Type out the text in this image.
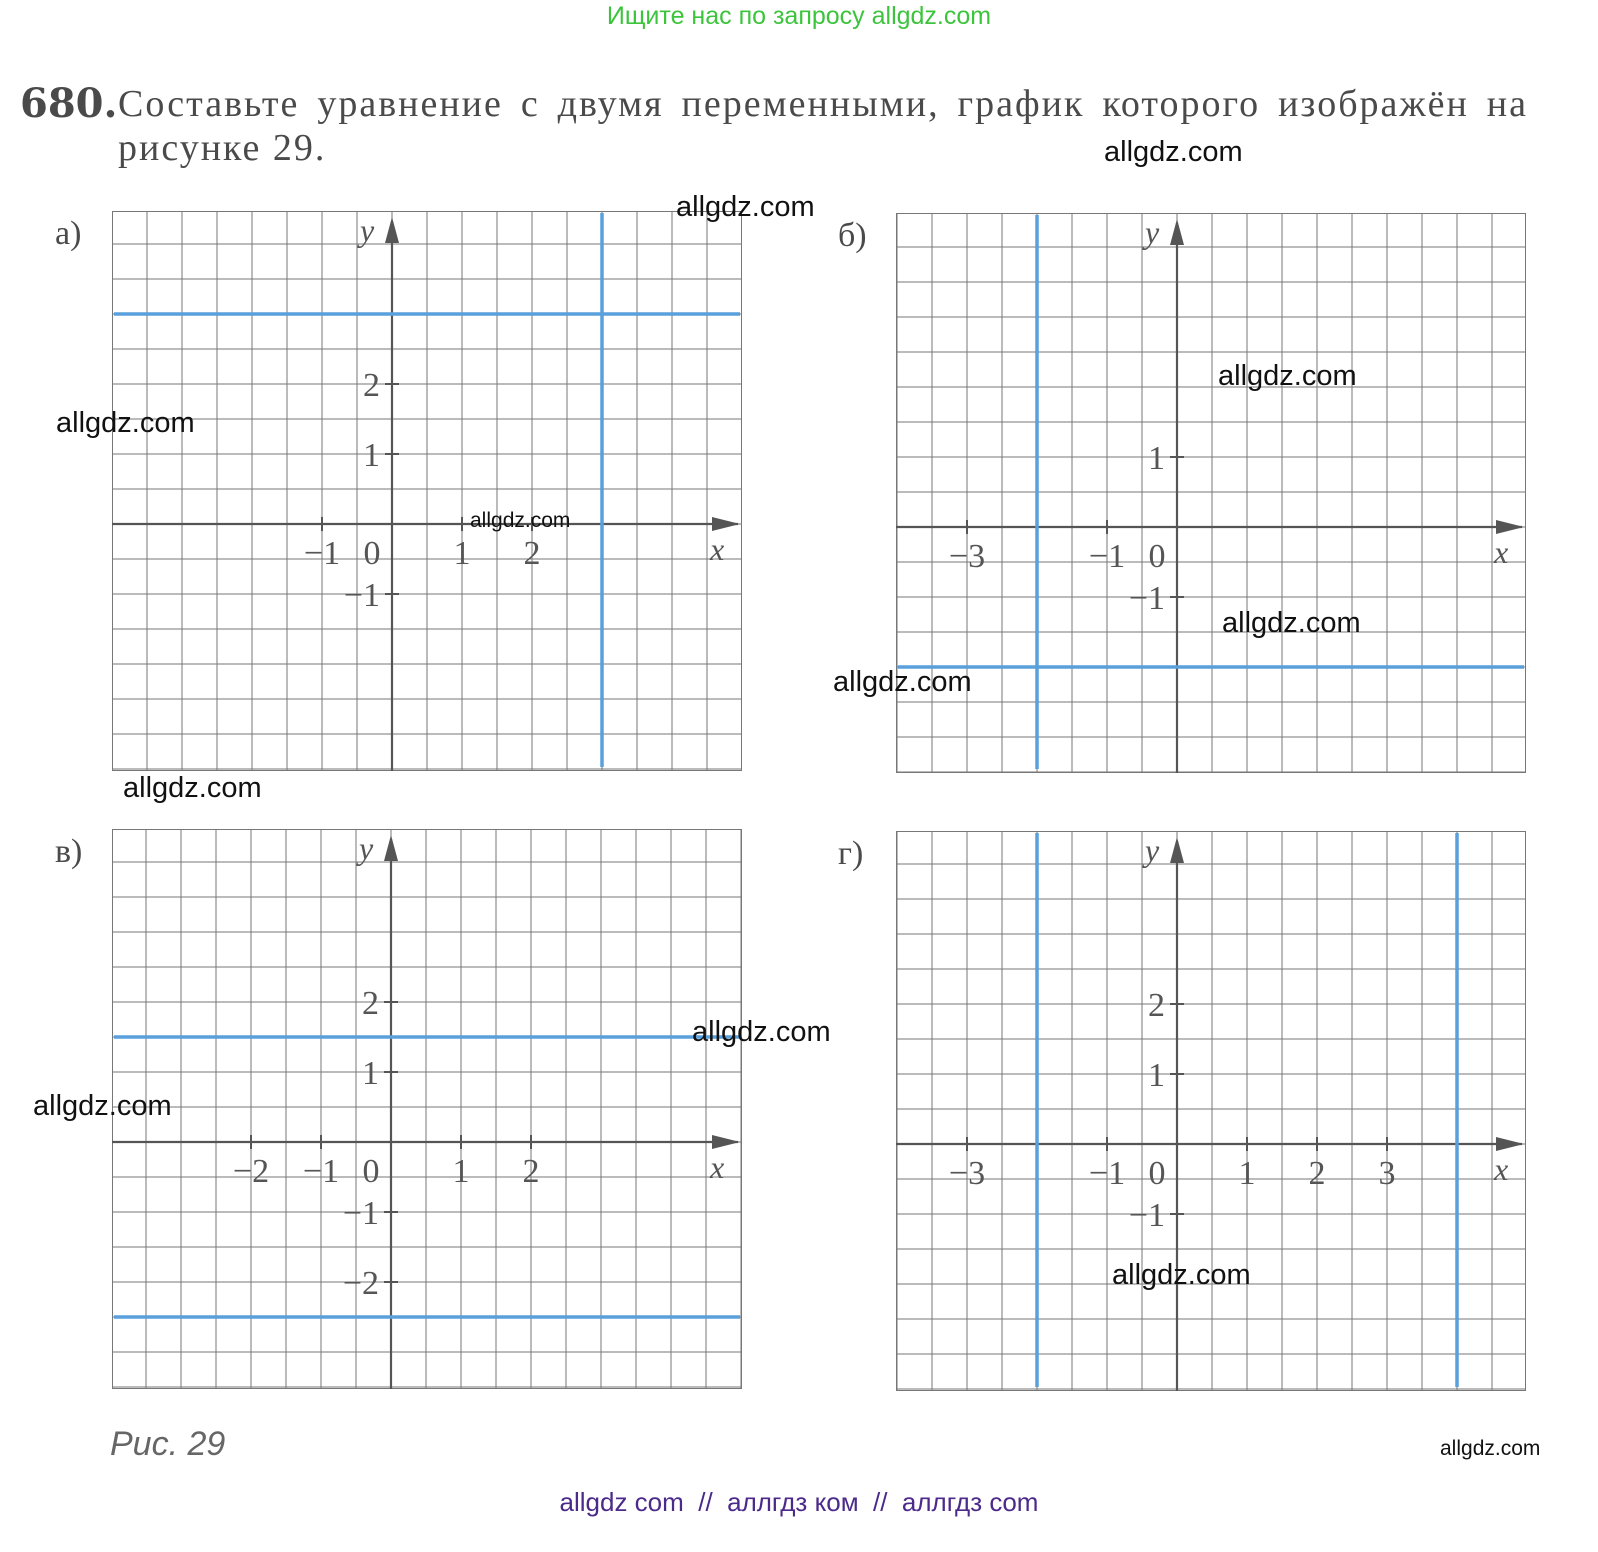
Ищите нас по запросу allgdz.com
680. Составьте уравнение с двумя переменными, график которого изображён на рисунке 29.
а)	б)
в)	г)
x
y
−1 0 1 2
2
1
−1
x
y
−3	−1 0
1
−1
x
y
−2 −1 0 1 2
2
1
−1
−2
x
y
−3	−1 0 1 2 3
2
1
−1
Рис. 29
allgdz.com
allgdz.com
allgdz.com
allgdz.com
allgdz.com
allgdz.com
allgdz.com
allgdz.com
allgdz.com
allgdz.com
allgdz.com
allgdz.com
allgdz com  //  аллгдз ком  //  аллгдз com
